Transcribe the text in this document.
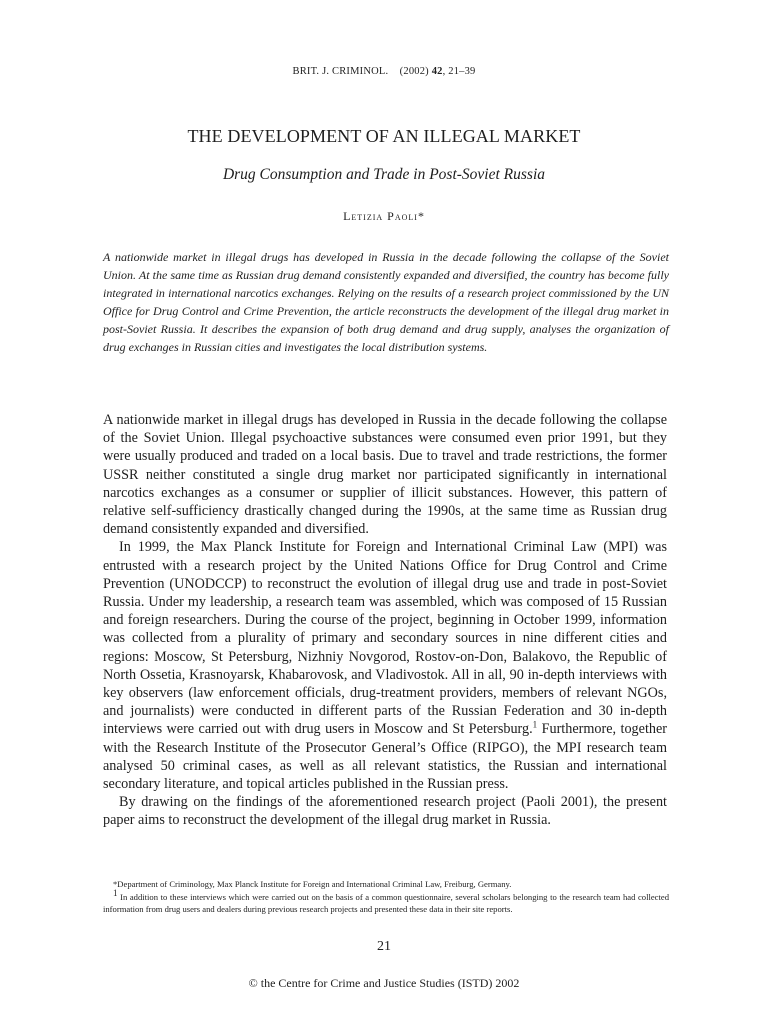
BRIT. J. CRIMINOL. (2002) 42, 21–39
THE DEVELOPMENT OF AN ILLEGAL MARKET
Drug Consumption and Trade in Post-Soviet Russia
Letizia Paoli*

A nationwide market in illegal drugs has developed in Russia in the decade following the collapse of the Soviet Union. At the same time as Russian drug demand consistently expanded and diversified, the country has become fully integrated in international narcotics exchanges. Relying on the results of a research project commissioned by the UN Office for Drug Control and Crime Prevention, the article reconstructs the development of the illegal drug market in post-Soviet Russia. It describes the expansion of both drug demand and drug supply, analyses the organization of drug exchanges in Russian cities and investigates the local distribution systems.

A nationwide market in illegal drugs has developed in Russia in the decade following the collapse of the Soviet Union. Illegal psychoactive substances were consumed even prior 1991, but they were usually produced and traded on a local basis. Due to travel and trade restrictions, the former USSR neither constituted a single drug market nor participated significantly in international narcotics exchanges as a consumer or supplier of illicit substances. However, this pattern of relative self-sufficiency drastically changed during the 1990s, at the same time as Russian drug demand consistently expanded and diversified.

In 1999, the Max Planck Institute for Foreign and International Criminal Law (MPI) was entrusted with a research project by the United Nations Office for Drug Control and Crime Prevention (UNODCCP) to reconstruct the evolution of illegal drug use and trade in post-Soviet Russia. Under my leadership, a research team was assembled, which was composed of 15 Russian and foreign researchers. During the course of the project, beginning in October 1999, information was collected from a plurality of primary and secondary sources in nine different cities and regions: Moscow, St Petersburg, Nizhniy Novgorod, Rostov-on-Don, Balakovo, the Republic of North Ossetia, Krasnoyarsk, Khabarovosk, and Vladivostok. All in all, 90 in-depth interviews with key observers (law enforcement officials, drug-treatment providers, members of relevant NGOs, and journalists) were conducted in different parts of the Russian Federation and 30 in-depth interviews were carried out with drug users in Moscow and St Petersburg.$^1$ Furthermore, together with the Research Institute of the Prosecutor General’s Office (RIPGO), the MPI research team analysed 50 criminal cases, as well as all relevant statistics, the Russian and international secondary literature, and topical articles published in the Russian press.

By drawing on the findings of the aforementioned research project (Paoli 2001), the present paper aims to reconstruct the development of the illegal drug market in Russia.

*Department of Criminology, Max Planck Institute for Foreign and International Criminal Law, Freiburg, Germany.

$^1$ In addition to these interviews which were carried out on the basis of a common questionnaire, several scholars belonging to the research team had collected information from drug users and dealers during previous research projects and presented these data in their site reports.

21
© the Centre for Crime and Justice Studies (ISTD) 2002
